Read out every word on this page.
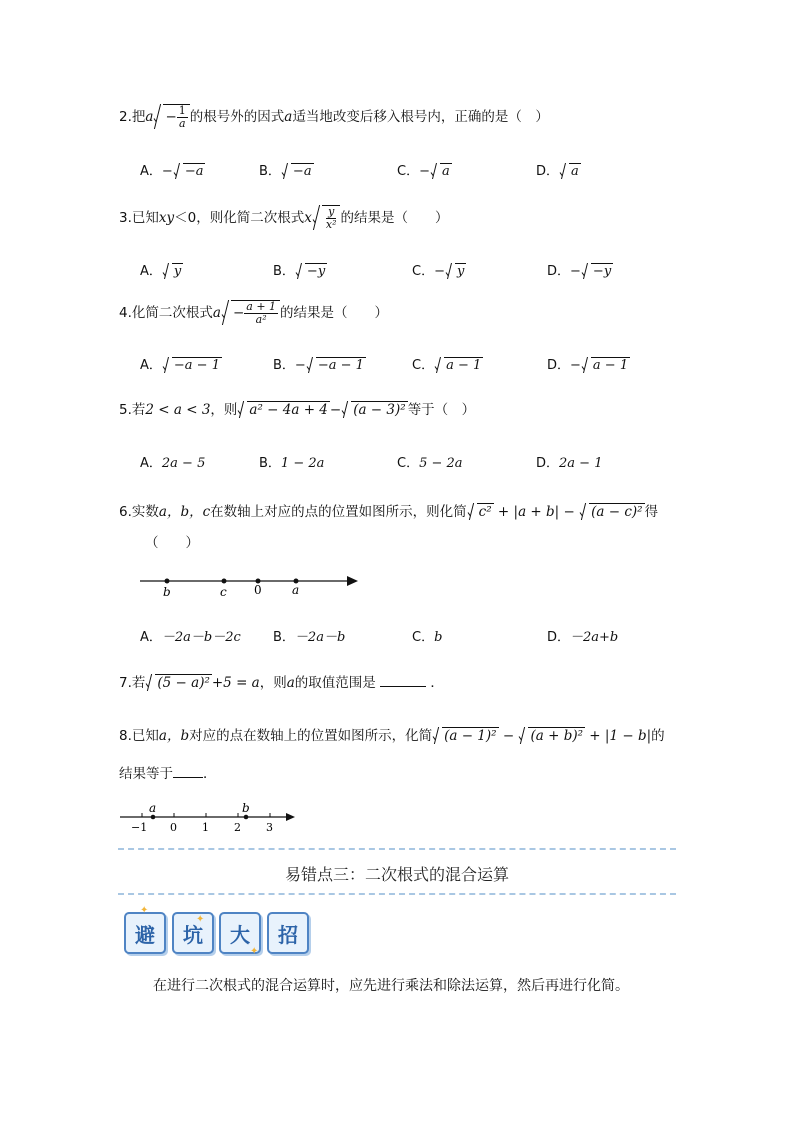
2.把$a - \frac{1}{a}$ 的根号外的因式a适当地改变后移入根号内，正确的是（　）
A．− −a	B． −a	C．− a	D． a
3.已知xy＜0，则化简二次根式x $\frac{y}{\text{x²}}$ 的结果是（　　）
A． y	B． −y	C．− y	D．− −y
4.化简二次根式$a - \frac{a + 1}{\text{a²}}$ 的结果是（　　）
A． −a − 1	B．− −a − 1	C． a − 1	D．− a − 1
5.若2 < a < 3，则 a² − 4a + 4 − (a − 3)² 等于（　）
A．2a − 5	B．1 − 2a	C．5 − 2a	D．2a − 1
6.实数a，b，c在数轴上对应的点的位置如图所示，则化简 c² + |a + b| −
(a − c)² 得
（　　）
b	c 0	a
A．－2a－b－2c B．－2a－b	C．b	D．－2a+b
7.若 (5 − a)² +5 = a，则a的取值范围是	．
8.已知a，b对应的点在数轴上的位置如图所示，化简 (a − 1)² −
(a + b)² + |1 − b|的
结果等于 ．
a	b
−1 0 1 2 3
易错点三：二次根式的混合运算
避	坑	大	招
✦
✦
✦
在进行二次根式的混合运算时，应先进行乘法和除法运算，然后再进行化简。
